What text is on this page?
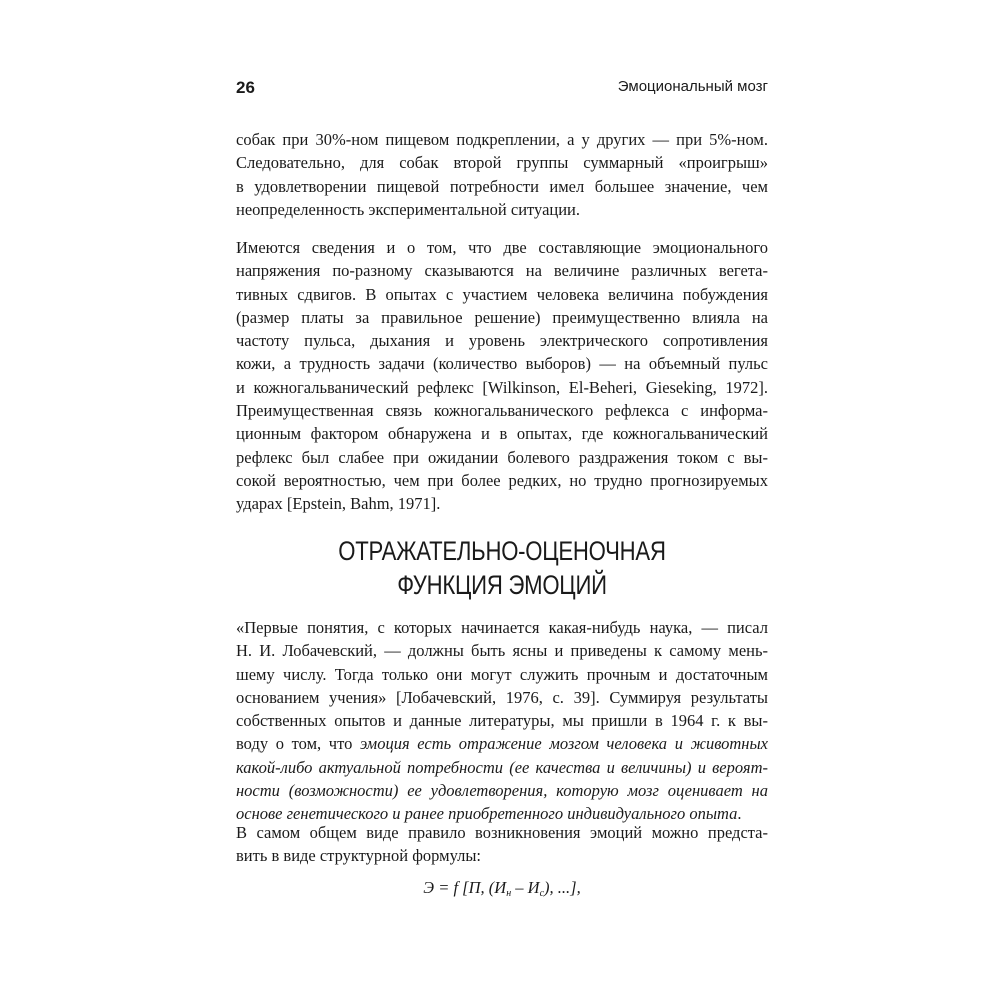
26	Эмоциональный мозг

собак при 30%-ном пищевом подкреплении, а у других — при 5%-ном.
Следовательно, для собак второй группы суммарный «проигрыш»
в удовлетворении пищевой потребности имел большее значение, чем
неопределенность экспериментальной ситуации.

Имеются сведения и о том, что две составляющие эмоционального
напряжения по-разному сказываются на величине различных вегета-
тивных сдвигов. В опытах с участием человека величина побуждения
(размер платы за правильное решение) преимущественно влияла на
частоту пульса, дыхания и уровень электрического сопротивления
кожи, а трудность задачи (количество выборов) — на объемный пульс
и кожногальванический рефлекс [Wilkinson, El-Beheri, Gieseking, 1972].
Преимущественная связь кожногальванического рефлекса с информа-
ционным фактором обнаружена и в опытах, где кожногальванический
рефлекс был слабее при ожидании болевого раздражения током с вы-
сокой вероятностью, чем при более редких, но трудно прогнозируемых
ударах [Epstein, Bahm, 1971].

ОТРАЖАТЕЛЬНО-ОЦЕНОЧНАЯ
ФУНКЦИЯ ЭМОЦИЙ

«Первые понятия, с которых начинается какая-нибудь наука, — писал
Н. И. Лобачевский, — должны быть ясны и приведены к самому мень-
шему числу. Тогда только они могут служить прочным и достаточным
основанием учения» [Лобачевский, 1976, с. 39]. Суммируя результаты
собственных опытов и данные литературы, мы пришли в 1964 г. к вы-
воду о том, что эмоция есть отражение мозгом человека и животных
какой-либо актуальной потребности (ее качества и величины) и вероят-
ности (возможности) ее удовлетворения, которую мозг оценивает на
основе генетического и ранее приобретенного индивидуального опыта.

В самом общем виде правило возникновения эмоций можно предста-
вить в виде структурной формулы:

Э = f [П, $(И_н - И_с)$, ...],
